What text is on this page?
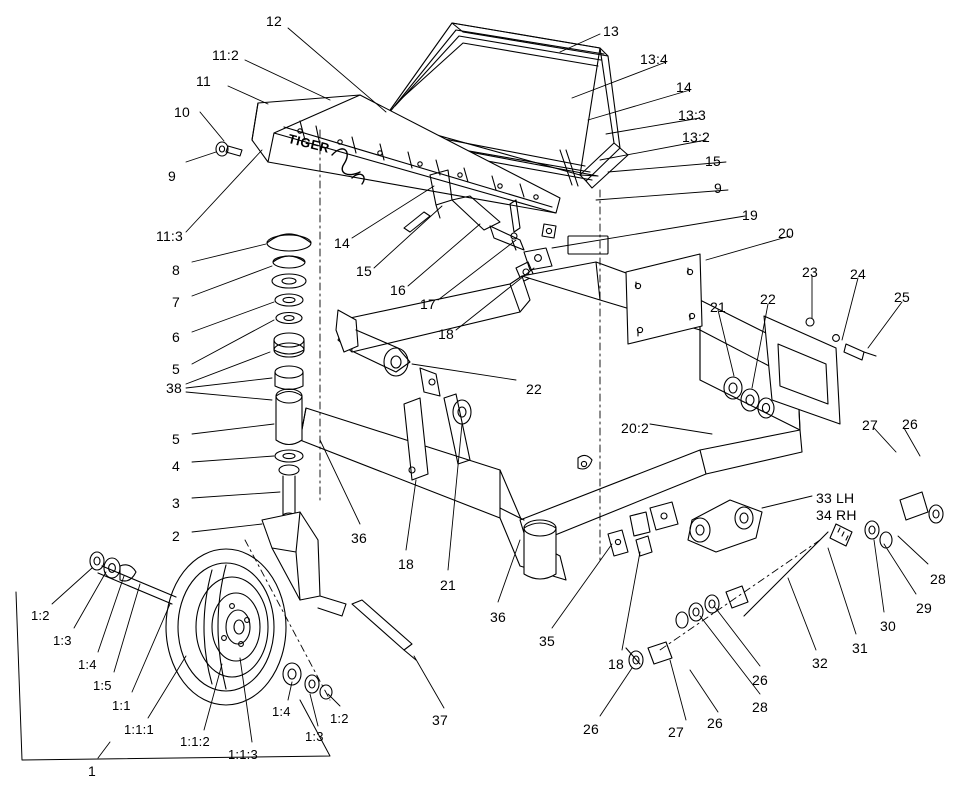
12
13
11:2	13:4
11	14
13:3
10
13:2
15
9
9
19
11:3	14
20
8	15	23 24
16
7	17	25
21 22
6	18
5
38	22
27 26
20:2
5
4
3	33 LH
34 RH
36
2
18
21	28
29
1:2
30
36
1:3	31
1:4	32
35
1:5
18
26
1:1	1:4	1:2
28
1:1:1	27
26
1:1:2	1:3
1:1:3
26
37
1
TIGER
